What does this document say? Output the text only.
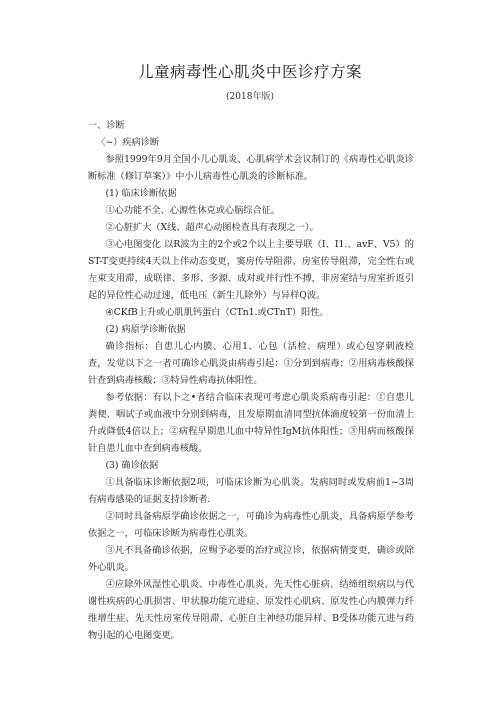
儿童病毒性心肌炎中医诊疗方案
(2018年版)

一、诊断

〈~）疾病诊断

参照1999年9月全国小儿心肌炎、心肌病学术会议制订的《病毒性心肌炎诊断标准（修订草案）》中小儿病毒性心肌炎的诊断标准。

(1) 临床诊断依据

①心功能不全、心源性休克或心脑综合征。

②心脏扩大（X线、超声心动图检查具有表现之一）。

③心电图变化 以R波为主的2个或2个以上主要导联（I、I1.、avF、V5）的ST-T变更持续4天以上伴动态变更，窦房传导阻滞、房室传导阻滞，完全性右或左束支用滞，成联律、多形、多源、成对或并行性不搏，非房室结与房室折返引起的异位性心动过速，低电压（新生儿除外）与异样Q波。

④CKfB上升或心肌肌钙蛋白（CTn1.或CTnT）阳性。

(2) 病原学诊断依据

确诊指标：自患儿心内膜、心用1、心包（活检、病理）或心包穿刺液检查，发觉以下之一者可确诊心肌炎由病毒引起：①分到到病毒；②用病毒核酸探针查到病毒核酸；③特异性病毒抗体阳性。

参考依据：有以卜之•者结合临床表现可考虑心肌炎系病毒引起：①自患儿粪便、咽试子或血液中分别到病毒，且发原期血清同型抗体滴度较第一份血清上升或降低4倍以上；②病程早期患儿血中特异性IgM抗体阳性；③用病而核酸探针自患儿血中查到病毒核酸。

(3) 确诊依据

①具备临床诊断依据2项，可临床诊断为心肌炎。发病同时或发病前1~3周有病毒感染的证据支持诊断者.

②同时具备病原学确诊依据之一，可确诊为病毒性心肌炎，具备病原学参考依据之一，可临床诊断为病毒性心肌炎。

③凡不具备确诊依据，应赐予必要的治疗或泣诊，依据病情变更，确诊或除外心肌炎。

④应除外风湿性心肌炎、中毒性心肌炎、先天性心脏病、结缔组织病以与代谢性疾病的心肌损害、甲状腺功能亢进症、原发性心肌病、原发性心内膜弹力纤维增生症、先天性房室传导阻滞、心脏自主神经功能异样、B受体功能亢进与药物引起的心电图变更。
